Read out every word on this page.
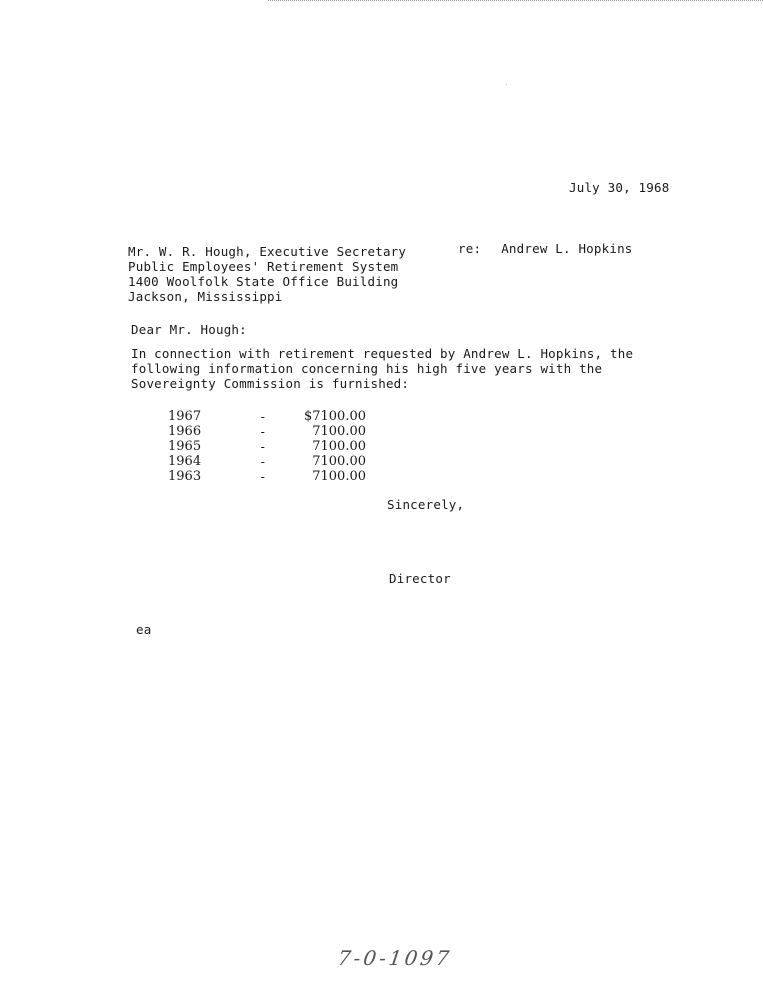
July 30, 1968
Mr. W. R. Hough, Executive Secretary
Public Employees' Retirement System
1400 Woolfolk State Office Building
Jackson, Mississippi
re: Andrew L. Hopkins
Dear Mr. Hough:
In connection with retirement requested by Andrew L. Hopkins, the
following information concerning his high five years with the
Sovereignty Commission is furnished:
1967	-	$7100.00
1966	-	7100.00
1965	-	7100.00
1964	-	7100.00
1963	-	7100.00
Sincerely,
Director
ea
7-0-1097
